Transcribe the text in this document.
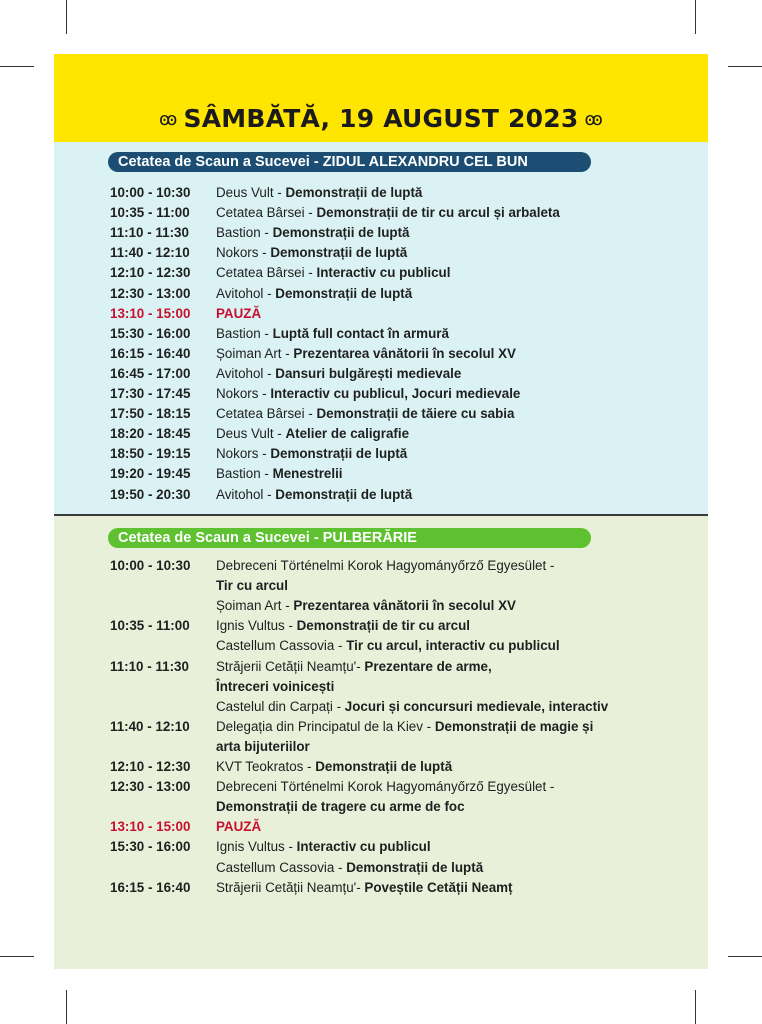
ꙭ SÂMBĂTĂ, 19 AUGUST 2023 ꙭ
Cetatea de Scaun a Sucevei - ZIDUL ALEXANDRU CEL BUN
10:00 - 10:30 Deus Vult - Demonstrații de luptă
10:35 - 11:00 Cetatea Bârsei - Demonstrații de tir cu arcul și arbaleta
11:10 - 11:30 Bastion - Demonstrații de luptă
11:40 - 12:10 Nokors - Demonstrații de luptă
12:10 - 12:30 Cetatea Bârsei - Interactiv cu publicul
12:30 - 13:00 Avitohol - Demonstrații de luptă
13:10 - 15:00 PAUZĂ
15:30 - 16:00 Bastion - Luptă full contact în armură
16:15 - 16:40 Șoiman Art - Prezentarea vânătorii în secolul XV
16:45 - 17:00 Avitohol - Dansuri bulgărești medievale
17:30 - 17:45 Nokors - Interactiv cu publicul, Jocuri medievale
17:50 - 18:15 Cetatea Bârsei - Demonstrații de tăiere cu sabia
18:20 - 18:45 Deus Vult - Atelier de caligrafie
18:50 - 19:15 Nokors - Demonstrații de luptă
19:20 - 19:45 Bastion - Menestrelii
19:50 - 20:30 Avitohol - Demonstrații de luptă
Cetatea de Scaun a Sucevei - PULBERĂRIE
10:00 - 10:30 Debreceni Történelmi Korok Hagyományőrző Egyesület -
Tir cu arcul
Șoiman Art - Prezentarea vânătorii în secolul XV
10:35 - 11:00 Ignis Vultus - Demonstrații de tir cu arcul
Castellum Cassovia - Tir cu arcul, interactiv cu publicul
11:10 - 11:30 Străjerii Cetății Neamțu'- Prezentare de arme,
Întreceri voinicești
Castelul din Carpați - Jocuri și concursuri medievale, interactiv
11:40 - 12:10 Delegația din Principatul de la Kiev - Demonstrații de magie și
arta bijuteriilor
12:10 - 12:30 KVT Teokratos - Demonstrații de luptă
12:30 - 13:00 Debreceni Történelmi Korok Hagyományőrző Egyesület -
Demonstrații de tragere cu arme de foc
13:10 - 15:00 PAUZĂ
15:30 - 16:00 Ignis Vultus - Interactiv cu publicul
Castellum Cassovia - Demonstrații de luptă
16:15 - 16:40 Străjerii Cetății Neamțu'- Poveștile Cetății Neamț
